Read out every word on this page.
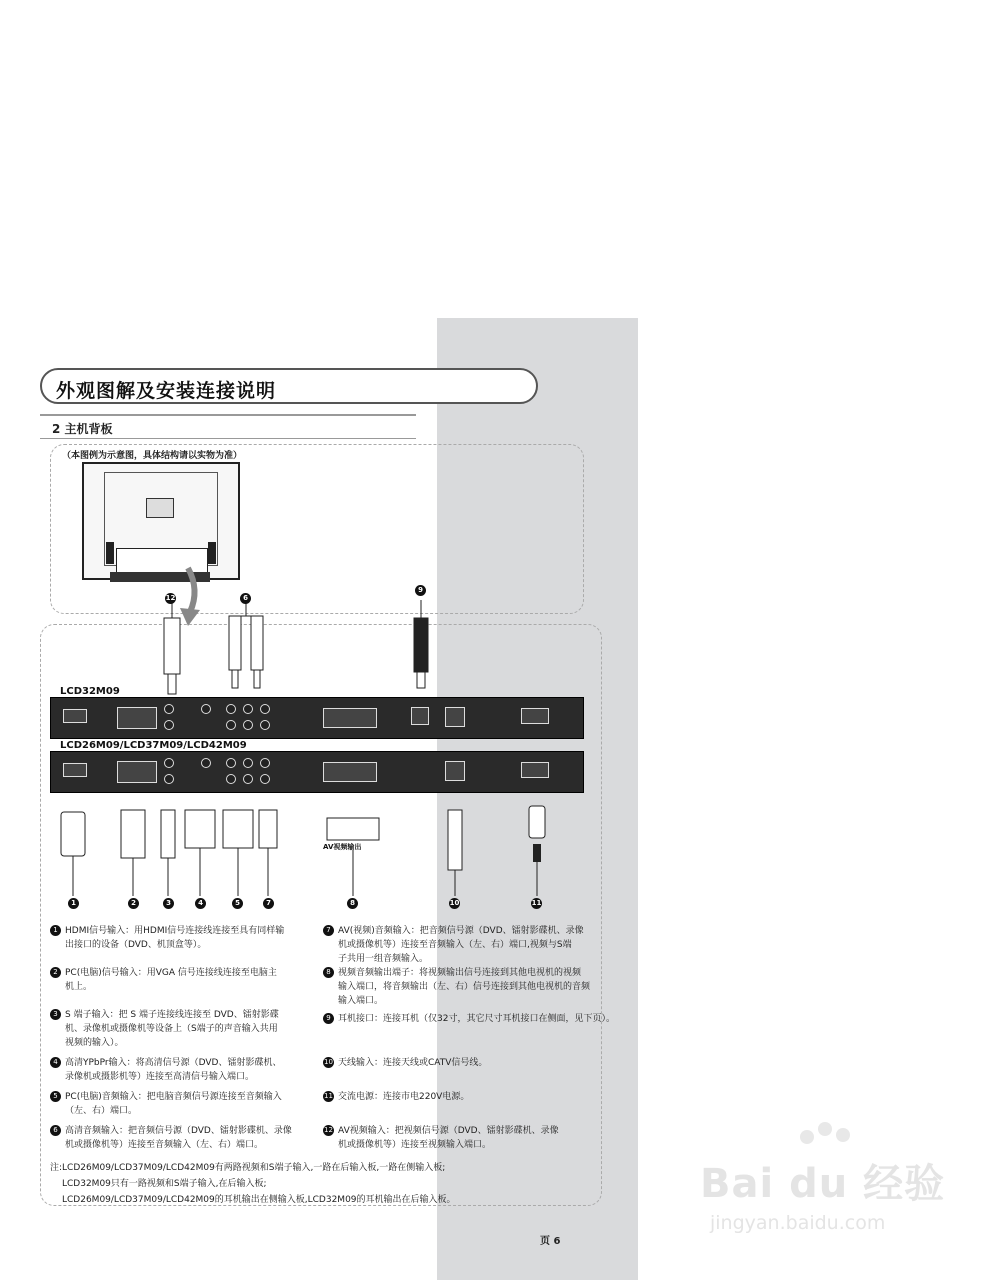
外观图解及安装连接说明
2 主机背板
（本图例为示意图，具体结构请以实物为准）
12	6
9
LCD32M09
LCD26M09/LCD37M09/LCD42M09
AV视频输出
1	2	3	4	5	7	8	10	11
1 HDMI信号输入：用HDMI信号连接线连接至具有同样输
出接口的设备（DVD、机顶盒等）。
2 PC(电脑)信号输入：用VGA 信号连接线连接至电脑主
机上。
3 S 端子输入：把 S 端子连接线连接至 DVD、镭射影碟
机、录像机或摄像机等设备上（S端子的声音输入共用
视频的输入）。
4 高清YPbPr输入：将高清信号源（DVD、镭射影碟机、
录像机或摄影机等）连接至高清信号输入端口。
5 PC(电脑)音频输入：把电脑音频信号源连接至音频输入
（左、右）端口。
6 高清音频输入：把音频信号源（DVD、镭射影碟机、录像
机或摄像机等）连接至音频输入（左、右）端口。
7 AV(视频)音频输入：把音频信号源（DVD、镭射影碟机、录像
机或摄像机等）连接至音频输入（左、右）端口,视频与S端
子共用一组音频输入。
8 视频音频输出端子：将视频输出信号连接到其他电视机的视频
输入端口，将音频输出（左、右）信号连接到其他电视机的音频
输入端口。
9 耳机接口：连接耳机（仅32寸，其它尺寸耳机接口在侧面，见下页）。
10 天线输入：连接天线或CATV信号线。
11 交流电源：连接市电220V电源。
12 AV视频输入：把视频信号源（DVD、镭射影碟机、录像
机或摄像机等）连接至视频输入端口。
注:LCD26M09/LCD37M09/LCD42M09有两路视频和S端子输入,一路在后输入板,一路在侧输入板;
LCD32M09只有一路视频和S端子输入,在后输入板;
LCD26M09/LCD37M09/LCD42M09的耳机输出在侧输入板,LCD32M09的耳机输出在后输入板。
页 6
Bai du 经验
jingyan.baidu.com
